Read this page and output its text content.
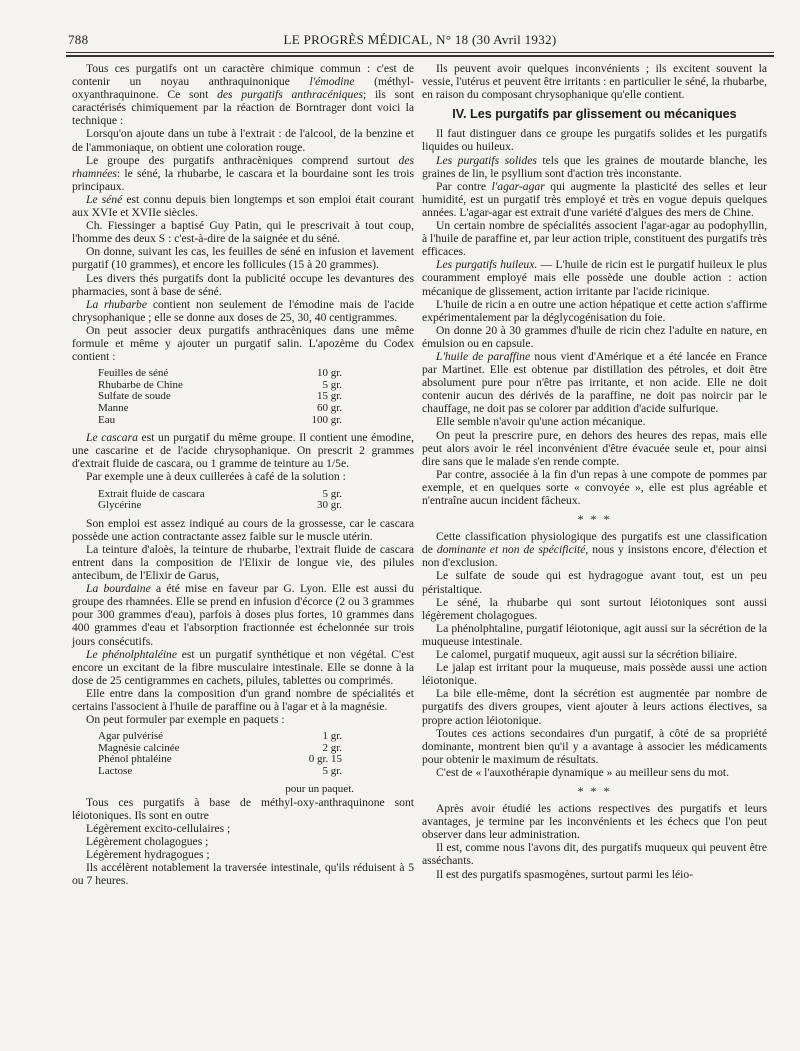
788	LE PROGRÈS MÉDICAL, N° 18 (30 Avril 1932)

Tous ces purgatifs ont un caractère chimique commun : c'est de contenir un noyau anthraquinonique l'émodine (méthyl-oxyanthraquinone. Ce sont des purgatifs anthracéniques; ils sont caractérisés chimiquement par la réaction de Borntrager dont voici la technique :

Lorsqu'on ajoute dans un tube à l'extrait : de l'alcool, de la benzine et de l'ammoniaque, on obtient une coloration rouge.

Le groupe des purgatifs anthracèniques comprend surtout des rhamnées: le séné, la rhubarbe, le cascara et la bourdaine sont les trois principaux.

Le séné est connu depuis bien longtemps et son emploi était courant aux XVIe et XVIIe siècles.

Ch. Fiessinger a baptisé Guy Patin, qui le prescrivait à tout coup, l'homme des deux S : c'est-à-dire de la saignée et du séné.

On donne, suivant les cas, les feuilles de séné en infusion et lavement purgatif (10 grammes), et encore les follicules (15 à 20 grammes).

Les divers thés purgatifs dont la publicité occupe les devantures des pharmacies, sont à base de séné.

La rhubarbe contient non seulement de l'émodine mais de l'acide chrysophanique ; elle se donne aux doses de 25, 30, 40 centigrammes.

On peut associer deux purgatifs anthracèniques dans une même formule et même y ajouter un purgatif salin. L'apozème du Codex contient :

Feuilles de séné	10 gr.
Rhubarbe de Chine	5 gr.
Sulfate de soude	15 gr.
Manne	60 gr.
Eau	100 gr.

Le cascara est un purgatif du même groupe. Il contient une émodine, une cascarine et de l'acide chrysophanique. On prescrit 2 grammes d'extrait fluide de cascara, ou 1 gramme de teinture au 1/5e.

Par exemple une à deux cuillerées à café de la solution :

Extrait fluide de cascara	5 gr.
Glycérine	30 gr.

Son emploi est assez indiqué au cours de la grossesse, car le cascara possède une action contractante assez faible sur le muscle utérin.

La teinture d'aloès, la teinture de rhubarbe, l'extrait fluide de cascara entrent dans la composition de l'Elixir de longue vie, des pilules antecibum, de l'Elixir de Garus,

La bourdaine a été mise en faveur par G. Lyon. Elle est aussi du groupe des rhamnées. Elle se prend en infusion d'écorce (2 ou 3 grammes pour 300 grammes d'eau), parfois à doses plus fortes, 10 grammes dans 400 grammes d'eau et l'absorption fractionnée est échelonnée sur trois jours consécutifs.

Le phénolphtaléine est un purgatif synthétique et non végétal. C'est encore un excitant de la fibre musculaire intestinale. Elle se donne à la dose de 25 centigrammes en cachets, pilules, tablettes ou comprimés.

Elle entre dans la composition d'un grand nombre de spécialités et certains l'associent à l'huile de paraffine ou à l'agar et à la magnésie.

On peut formuler par exemple en paquets :

Agar pulvérisé	1 gr.
Magnésie calcinée	2 gr.
Phénol phtaléine	0 gr. 15
Lactose	5 gr.
pour un paquet.

Tous ces purgatifs à base de méthyl-oxy-anthraquinone sont léiotoniques. Ils sont en outre

Légèrement excito-cellulaires ;

Légèrement cholagogues ;

Légèrement hydragogues ;

Ils accélèrent notablement la traversée intestinale, qu'ils réduisent à 5 ou 7 heures.

Ils peuvent avoir quelques inconvénients ; ils excitent souvent la vessie, l'utérus et peuvent être irritants : en particulier le séné, la rhubarbe, en raison du composant chrysophanique qu'elle contient.

IV. Les purgatifs par glissement ou mécaniques

Il faut distinguer dans ce groupe les purgatifs solides et les purgatifs liquides ou huileux.

Les purgatifs solides tels que les graines de moutarde blanche, les graines de lin, le psyllium sont d'action très inconstante.

Par contre l'agar-agar qui augmente la plasticité des selles et leur humidité, est un purgatif très employé et très en vogue depuis quelques années. L'agar-agar est extrait d'une variété d'algues des mers de Chine.

Un certain nombre de spécialités associent l'agar-agar au podophyllin, à l'huile de paraffine et, par leur action triple, constituent des purgatifs très efficaces.

Les purgatifs huileux. — L'huile de ricin est le purgatif huileux le plus couramment employé mais elle possède une double action : action mécanique de glissement, action irritante par l'acide ricinique.

L'huile de ricin a en outre une action hépatique et cette action s'affirme expérimentalement par la déglycogénisation du foie.

On donne 20 à 30 grammes d'huile de ricin chez l'adulte en nature, en émulsion ou en capsule.

L'huile de paraffine nous vient d'Amérique et a été lancée en France par Martinet. Elle est obtenue par distillation des pétroles, et doit être absolument pure pour n'être pas irritante, et non acide. Elle ne doit contenir aucun des dérivés de la paraffine, ne doit pas noircir par le chauffage, ne doit pas se colorer par addition d'acide sulfurique.

Elle semble n'avoir qu'une action mécanique.

On peut la prescrire pure, en dehors des heures des repas, mais elle peut alors avoir le réel inconvénient d'être évacuée seule et, pour ainsi dire sans que le malade s'en rende compte.

Par contre, associée à la fin d'un repas à une compote de pommes par exemple, et en quelques sorte « convoyée », elle est plus agréable et n'entraîne aucun incident fâcheux.

* * *

Cette classification physiologique des purgatifs est une classification de dominante et non de spécificité, nous y insistons encore, d'élection et non d'exclusion.

Le sulfate de soude qui est hydragogue avant tout, est un peu péristaltique.

Le séné, la rhubarbe qui sont surtout léiotoniques sont aussi légèrement cholagogues.

La phénolphtaline, purgatif léiotonique, agit aussi sur la sécrétion de la muqueuse intestinale.

Le calomel, purgatif muqueux, agit aussi sur la sécrétion biliaire.

Le jalap est irritant pour la muqueuse, mais possède aussi une action léiotonique.

La bile elle-même, dont la sécrétion est augmentée par nombre de purgatifs des divers groupes, vient ajouter à leurs actions électives, sa propre action léiotonique.

Toutes ces actions secondaires d'un purgatif, à côté de sa propriété dominante, montrent bien qu'il y a avantage à associer les médicaments pour obtenir le maximum de résultats.

C'est de « l'auxothérapie dynamique » au meilleur sens du mot.

* * *

Après avoir étudié les actions respectives des purgatifs et leurs avantages, je termine par les inconvénients et les échecs que l'on peut observer dans leur administration.

Il est, comme nous l'avons dit, des purgatifs muqueux qui peuvent être asséchants.

Il est des purgatifs spasmogènes, surtout parmi les léio-
